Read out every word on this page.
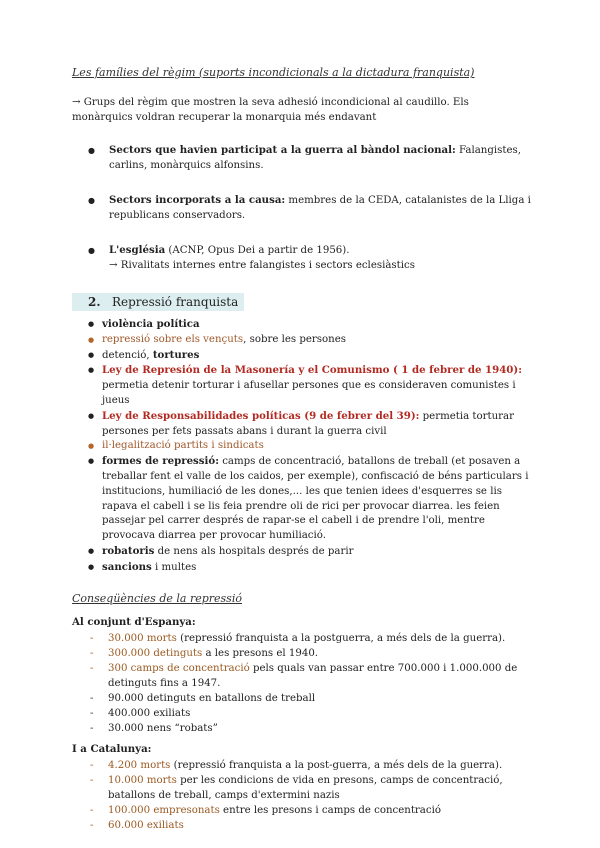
Les famílies del règim (suports incondicionals a la dictadura franquista)
→ Grups del règim que mostren la seva adhesió incondicional al caudillo. Els monàrquics voldran recuperar la monarquia més endavant
● Sectors que havien participat a la guerra al bàndol nacional: Falangistes, carlins, monàrquics alfonsins.
● Sectors incorporats a la causa: membres de la CEDA, catalanistes de la Lliga i republicans conservadors.
● L'església (ACNP, Opus Dei a partir de 1956).
→ Rivalitats internes entre falangistes i sectors eclesiàstics
2. Repressió franquista
● violència política
● repressió sobre els vençuts, sobre les persones
● detenció, tortures
● Ley de Represión de la Masonería y el Comunismo ( 1 de febrer de 1940): permetia detenir torturar i afusellar persones que es consideraven comunistes i jueus
● Ley de Responsabilidades políticas (9 de febrer del 39): permetia torturar persones per fets passats abans i durant la guerra civil
● il·legalització partits i sindicats
● formes de repressió: camps de concentració, batallons de treball (et posaven a treballar fent el valle de los caidos, per exemple), confiscació de béns particulars i institucions, humiliació de les dones,... les que tenien idees d'esquerres se lis rapava el cabell i se lis feia prendre oli de rici per provocar diarrea. les feien passejar pel carrer després de rapar-se el cabell i de prendre l'oli, mentre provocava diarrea per provocar humiliació.
● robatoris de nens als hospitals després de parir
● sancions i multes
Conseqüències de la repressió
Al conjunt d'Espanya:
- 30.000 morts (repressió franquista a la postguerra, a més dels de la guerra).
- 300.000 detinguts a les presons el 1940.
- 300 camps de concentració pels quals van passar entre 700.000 i 1.000.000 de detinguts fins a 1947.
- 90.000 detinguts en batallons de treball
- 400.000 exiliats
- 30.000 nens “robats”
I a Catalunya:
- 4.200 morts (repressió franquista a la post-guerra, a més dels de la guerra).
- 10.000 morts per les condicions de vida en presons, camps de concentració, batallons de treball, camps d'extermini nazis
- 100.000 empresonats entre les presons i camps de concentració
- 60.000 exiliats
